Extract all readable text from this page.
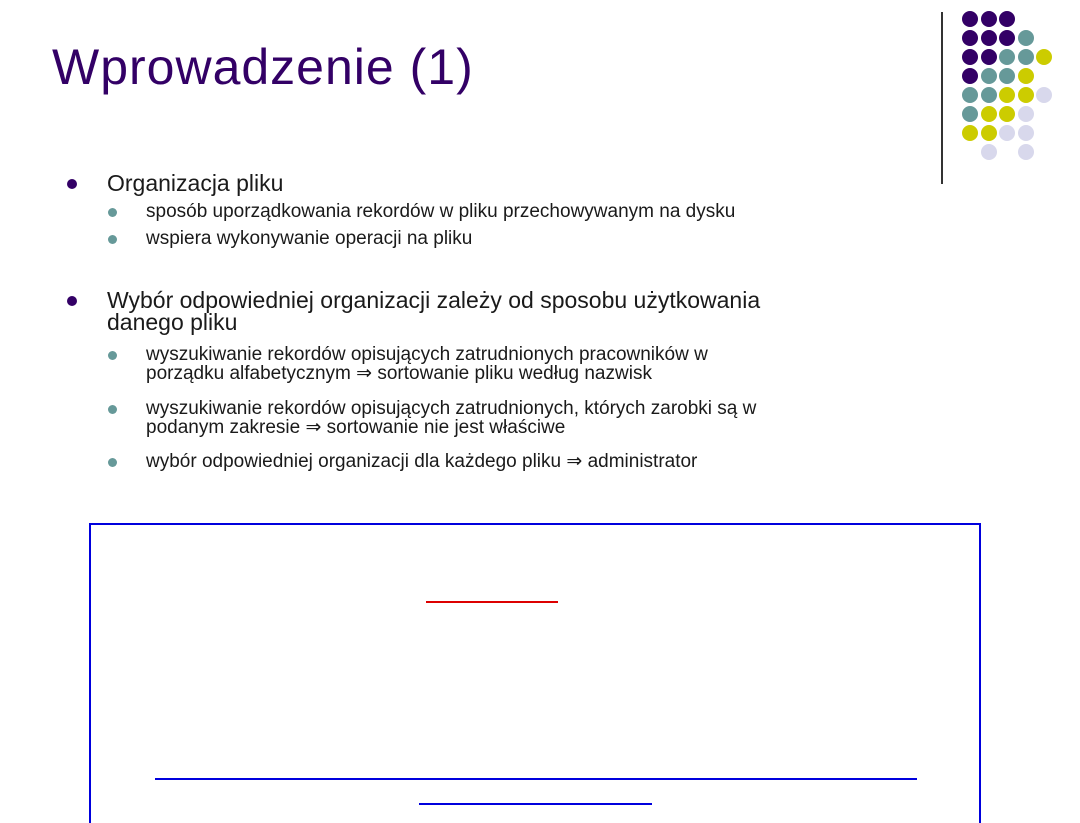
Wprowadzenie (1)
Organizacja pliku
sposób uporządkowania rekordów w pliku przechowywanym na dysku
wspiera wykonywanie operacji na pliku
Wybór odpowiedniej organizacji zależy od sposobu użytkowania
danego pliku
wyszukiwanie rekordów opisujących zatrudnionych pracowników w
porządku alfabetycznym ⇒ sortowanie pliku według nazwisk
wyszukiwanie rekordów opisujących zatrudnionych, których zarobki są w
podanym zakresie ⇒ sortowanie nie jest właściwe
wybór odpowiedniej organizacji dla każdego pliku ⇒ administrator
